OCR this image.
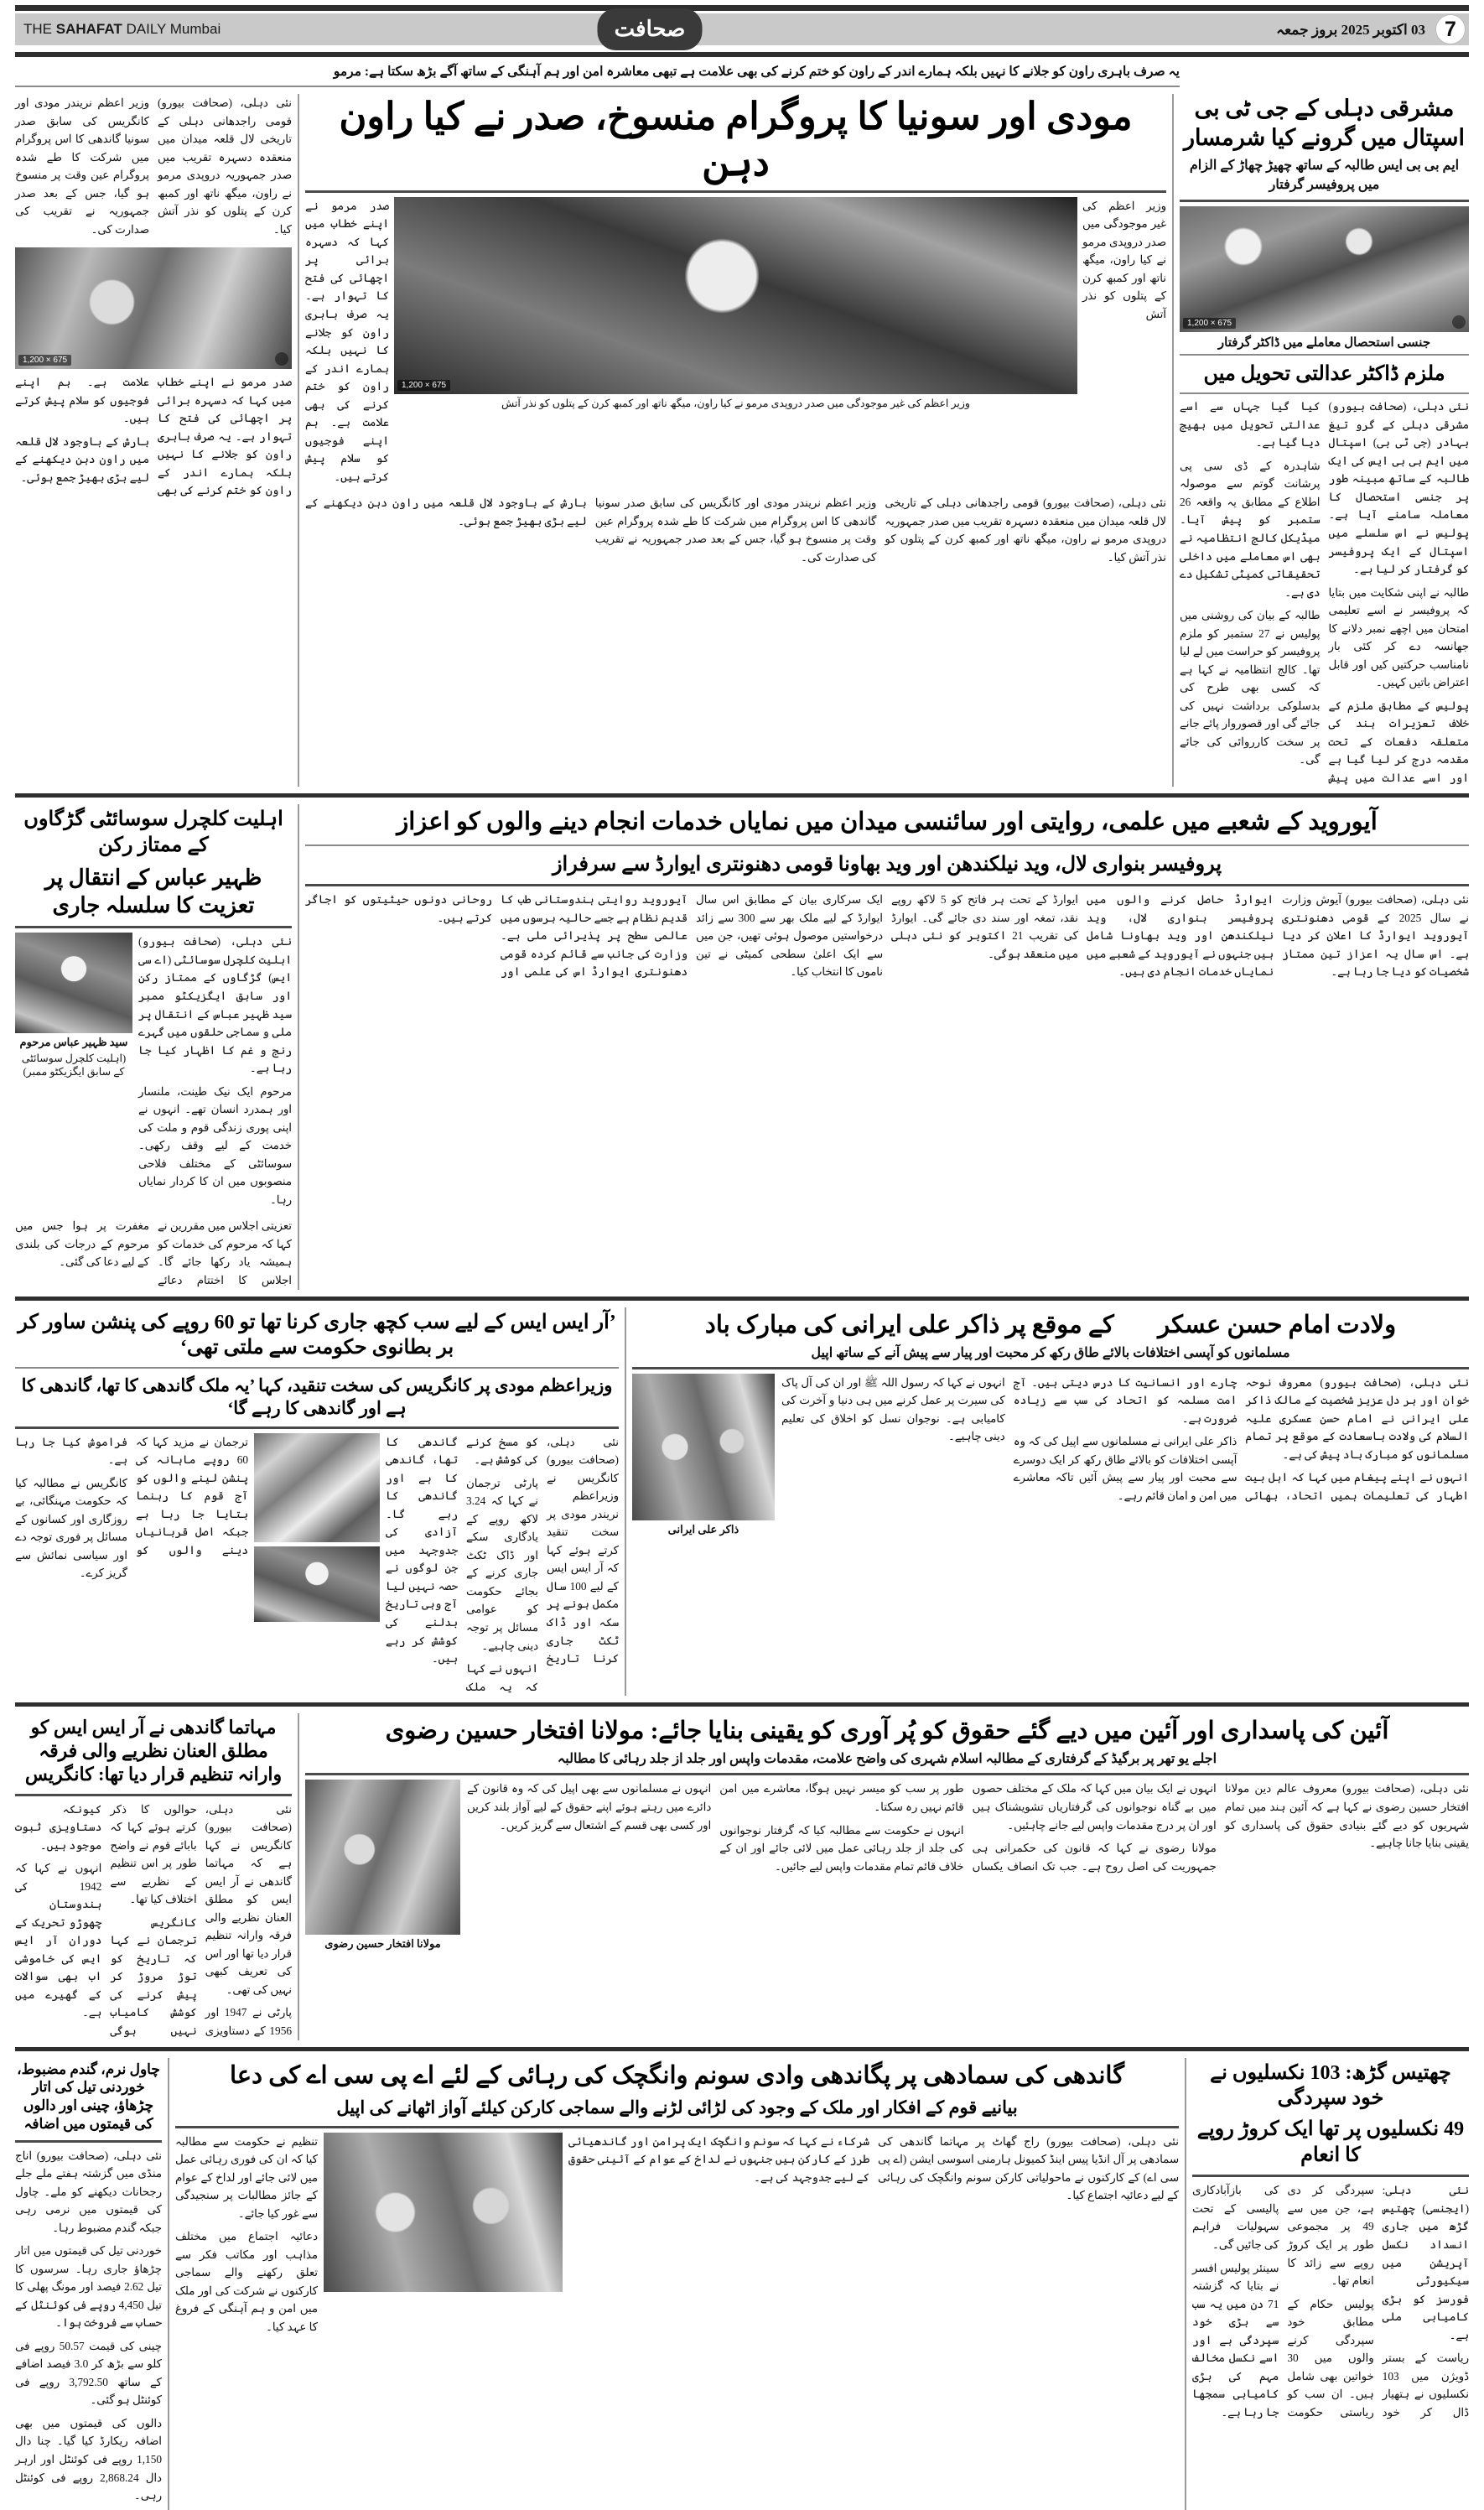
7
03 اکتوبر 2025 بروز جمعہ
صحافت
THE SAHAFAT DAILY Mumbai
یہ صرف باہری راون کو جلانے کا نہیں بلکہ ہمارے اندر کے راون کو ختم کرنے کی بھی علامت ہے تبھی معاشرہ امن اور ہم آہنگی کے ساتھ آگے بڑھ سکتا ہے: مرمو
مشرقی دہلی کے جی ٹی بی اسپتال میں گرونے کیا شرمسار
ایم بی بی ایس طالبہ کے ساتھ چھیڑ چھاڑ کے الزام میں پروفیسر گرفتار
1,200 × 675
جنسی استحصال معاملے میں ڈاکٹر گرفتار
ملزم ڈاکٹر عدالتی تحویل میں

نئی دہلی، (صحافت بیورو) مشرقی دہلی کے گرو تیغ بہادر (جی ٹی بی) اسپتال میں ایم بی بی ایس کی ایک طالبہ کے ساتھ مبینہ طور پر جنسی استحصال کا معاملہ سامنے آیا ہے۔ پولیس نے اس سلسلے میں اسپتال کے ایک پروفیسر کو گرفتار کر لیا ہے۔

طالبہ نے اپنی شکایت میں بتایا کہ پروفیسر نے اسے تعلیمی امتحان میں اچھے نمبر دلانے کا جھانسہ دے کر کئی بار نامناسب حرکتیں کیں اور قابل اعتراض باتیں کہیں۔

پولیس کے مطابق ملزم کے خلاف تعزیرات ہند کی متعلقہ دفعات کے تحت مقدمہ درج کر لیا گیا ہے اور اسے عدالت میں پیش کیا گیا جہاں سے اسے عدالتی تحویل میں بھیج دیا گیا ہے۔

شاہدرہ کے ڈی سی پی پرشانت گوتم سے موصولہ اطلاع کے مطابق یہ واقعہ 26 ستمبر کو پیش آیا۔ میڈیکل کالج انتظامیہ نے بھی اس معاملے میں داخلی تحقیقاتی کمیٹی تشکیل دے دی ہے۔

طالبہ کے بیان کی روشنی میں پولیس نے 27 ستمبر کو ملزم پروفیسر کو حراست میں لے لیا تھا۔ کالج انتظامیہ نے کہا ہے کہ کسی بھی طرح کی بدسلوکی برداشت نہیں کی جائے گی اور قصوروار پائے جانے پر سخت کارروائی کی جائے گی۔

مودی اور سونیا کا پروگرام منسوخ، صدر نے کیا راون دہن

وزیر اعظم کی غیر موجودگی میں صدر دروپدی مرمو نے کیا راون، میگھ ناتھ اور کمبھ کرن کے پتلوں کو نذر آتش

1,200 × 675
وزیر اعظم کی غیر موجودگی میں صدر دروپدی مرمو نے کیا راون، میگھ ناتھ اور کمبھ کرن کے پتلوں کو نذر آتش

صدر مرمو نے اپنے خطاب میں کہا کہ دسہرہ برائی پر اچھائی کی فتح کا تہوار ہے۔ یہ صرف باہری راون کو جلانے کا نہیں بلکہ ہمارے اندر کے راون کو ختم کرنے کی بھی علامت ہے۔ ہم اپنے فوجیوں کو سلام پیش کرتے ہیں۔

نئی دہلی، (صحافت بیورو) قومی راجدھانی دہلی کے تاریخی لال قلعہ میدان میں منعقدہ دسہرہ تقریب میں صدر جمہوریہ دروپدی مرمو نے راون، میگھ ناتھ اور کمبھ کرن کے پتلوں کو نذر آتش کیا۔

وزیر اعظم نریندر مودی اور کانگریس کی سابق صدر سونیا گاندھی کا اس پروگرام میں شرکت کا طے شدہ پروگرام عین وقت پر منسوخ ہو گیا، جس کے بعد صدر جمہوریہ نے تقریب کی صدارت کی۔

بارش کے باوجود لال قلعہ میں راون دہن دیکھنے کے لیے بڑی بھیڑ جمع ہوئی۔

نئی دہلی، (صحافت بیورو) قومی راجدھانی دہلی کے تاریخی لال قلعہ میدان میں منعقدہ دسہرہ تقریب میں صدر جمہوریہ دروپدی مرمو نے راون، میگھ ناتھ اور کمبھ کرن کے پتلوں کو نذر آتش کیا۔

وزیر اعظم نریندر مودی اور کانگریس کی سابق صدر سونیا گاندھی کا اس پروگرام میں شرکت کا طے شدہ پروگرام عین وقت پر منسوخ ہو گیا، جس کے بعد صدر جمہوریہ نے تقریب کی صدارت کی۔

1,200 × 675

صدر مرمو نے اپنے خطاب میں کہا کہ دسہرہ برائی پر اچھائی کی فتح کا تہوار ہے۔ یہ صرف باہری راون کو جلانے کا نہیں بلکہ ہمارے اندر کے راون کو ختم کرنے کی بھی علامت ہے۔ ہم اپنے فوجیوں کو سلام پیش کرتے ہیں۔

بارش کے باوجود لال قلعہ میں راون دہن دیکھنے کے لیے بڑی بھیڑ جمع ہوئی۔

آیوروید کے شعبے میں علمی، روایتی اور سائنسی میدان میں نمایاں خدمات انجام دینے والوں کو اعزاز
پروفیسر بنواری لال، وید نیلکندھن اور وید بھاونا قومی دھنونتری ایوارڈ سے سرفراز

نئی دہلی، (صحافت بیورو) آیوش وزارت نے سال 2025 کے قومی دھنونتری آیوروید ایوارڈ کا اعلان کر دیا ہے۔ اس سال یہ اعزاز تین ممتاز شخصیات کو دیا جا رہا ہے۔

ایوارڈ حاصل کرنے والوں میں پروفیسر بنواری لال، وید نیلکندھن اور وید بھاونا شامل ہیں جنہوں نے آیوروید کے شعبے میں نمایاں خدمات انجام دی ہیں۔

ایوارڈ کے تحت ہر فاتح کو 5 لاکھ روپے نقد، تمغہ اور سند دی جائے گی۔ ایوارڈ کی تقریب 21 اکتوبر کو نئی دہلی میں منعقد ہوگی۔

ایک سرکاری بیان کے مطابق اس سال ایوارڈ کے لیے ملک بھر سے 300 سے زائد درخواستیں موصول ہوئی تھیں، جن میں سے ایک اعلیٰ سطحی کمیٹی نے تین ناموں کا انتخاب کیا۔

آیوروید روایتی ہندوستانی طب کا قدیم نظام ہے جسے حالیہ برسوں میں عالمی سطح پر پذیرائی ملی ہے۔ وزارت کی جانب سے قائم کردہ قومی دھنونتری ایوارڈ اس کی علمی اور روحانی دونوں حیثیتوں کو اجاگر کرتے ہیں۔

اہلیت کلچرل سوسائٹی گڑگاوں کے ممتاز رکن
ظہیر عباس کے انتقال پر تعزیت کا سلسلہ جاری

نئی دہلی، (صحافت بیورو) اہلیت کلچرل سوسائٹی (اے سی ایس) گڑگاوں کے ممتاز رکن اور سابق ایگزیکٹو ممبر سید ظہیر عباس کے انتقال پر ملی و سماجی حلقوں میں گہرے رنج و غم کا اظہار کیا جا رہا ہے۔

مرحوم ایک نیک طینت، ملنسار اور ہمدرد انسان تھے۔ انہوں نے اپنی پوری زندگی قوم و ملت کی خدمت کے لیے وقف رکھی۔ سوسائٹی کے مختلف فلاحی منصوبوں میں ان کا کردار نمایاں رہا۔

سید ظہیر عباس مرحوم
(اہلیت کلچرل سوسائٹی کے سابق ایگزیکٹو ممبر)

تعزیتی اجلاس میں مقررین نے کہا کہ مرحوم کی خدمات کو ہمیشہ یاد رکھا جائے گا۔ اجلاس کا اختتام دعائے مغفرت پر ہوا جس میں مرحوم کے درجات کی بلندی کے لیے دعا کی گئی۔

ولادت امام حسن عسکریؑ کے موقع پر ذاکر علی ایرانی کی مبارک باد
مسلمانوں کو آپسی اختلافات بالائے طاق رکھ کر محبت اور پیار سے پیش آنے کے ساتھ اپیل

نئی دہلی، (صحافت بیورو) معروف نوحہ خوان اور ہر دل عزیز شخصیت کے مالک ذاکر علی ایرانی نے امام حسن عسکری علیہ السلام کی ولادت باسعادت کے موقع پر تمام مسلمانوں کو مبارک باد پیش کی ہے۔

انہوں نے اپنے پیغام میں کہا کہ اہل بیت اطہار کی تعلیمات ہمیں اتحاد، بھائی چارے اور انسانیت کا درس دیتی ہیں۔ آج امت مسلمہ کو اتحاد کی سب سے زیادہ ضرورت ہے۔

ذاکر علی ایرانی نے مسلمانوں سے اپیل کی کہ وہ آپسی اختلافات کو بالائے طاق رکھ کر ایک دوسرے سے محبت اور پیار سے پیش آئیں تاکہ معاشرے میں امن و امان قائم رہے۔

انہوں نے کہا کہ رسول اللہ ﷺ اور ان کی آل پاک کی سیرت پر عمل کرنے میں ہی دنیا و آخرت کی کامیابی ہے۔ نوجوان نسل کو اخلاق کی تعلیم دینی چاہیے۔

ذاکر علی ایرانی
’آر ایس ایس کے لیے سب کچھ جاری کرنا تھا تو 60 روپے کی پنشن ساور کر بر بطانوی حکومت سے ملتی تھی‘
وزیراعظم مودی پر کانگریس کی سخت تنقید، کہا ’یہ ملک گاندھی کا تھا، گاندھی کا ہے اور گاندھی کا رہے گا‘

نئی دہلی، (صحافت بیورو) کانگریس نے وزیراعظم نریندر مودی پر سخت تنقید کرتے ہوئے کہا کہ آر ایس ایس کے لیے 100 سال مکمل ہونے پر سکہ اور ڈاک ٹکٹ جاری کرنا تاریخ کو مسخ کرنے کی کوشش ہے۔

پارٹی ترجمان نے کہا کہ 3.24 لاکھ روپے کے یادگاری سکے اور ڈاک ٹکٹ جاری کرنے کے بجائے حکومت کو عوامی مسائل پر توجہ دینی چاہیے۔

انہوں نے کہا کہ یہ ملک گاندھی کا تھا، گاندھی کا ہے اور گاندھی کا رہے گا۔ آزادی کی جدوجہد میں جن لوگوں نے حصہ نہیں لیا آج وہی تاریخ بدلنے کی کوشش کر رہے ہیں۔

ترجمان نے مزید کہا کہ 60 روپے ماہانہ کی پنشن لینے والوں کو آج قوم کا رہنما بتایا جا رہا ہے جبکہ اصل قربانیاں دینے والوں کو فراموش کیا جا رہا ہے۔

کانگریس نے مطالبہ کیا کہ حکومت مہنگائی، بے روزگاری اور کسانوں کے مسائل پر فوری توجہ دے اور سیاسی نمائش سے گریز کرے۔

آئین کی پاسداری اور آئین میں دیے گئے حقوق کو پُر آوری کو یقینی بنایا جائے: مولانا افتخار حسین رضوی
اجلے یو تھر پر برگیڈ کے گرفتاری کے مطالبہ اسلام شہری کی واضح علامت، مقدمات واپس اور جلد از جلد رہائی کا مطالبہ

نئی دہلی، (صحافت بیورو) معروف عالم دین مولانا افتخار حسین رضوی نے کہا ہے کہ آئین ہند میں تمام شہریوں کو دیے گئے بنیادی حقوق کی پاسداری کو یقینی بنایا جانا چاہیے۔

انہوں نے ایک بیان میں کہا کہ ملک کے مختلف حصوں میں بے گناہ نوجوانوں کی گرفتاریاں تشویشناک ہیں اور ان پر درج مقدمات واپس لیے جانے چاہئیں۔

مولانا رضوی نے کہا کہ قانون کی حکمرانی ہی جمہوریت کی اصل روح ہے۔ جب تک انصاف یکساں طور پر سب کو میسر نہیں ہوگا، معاشرے میں امن قائم نہیں رہ سکتا۔

انہوں نے حکومت سے مطالبہ کیا کہ گرفتار نوجوانوں کی جلد از جلد رہائی عمل میں لائی جائے اور ان کے خلاف قائم تمام مقدمات واپس لیے جائیں۔

انہوں نے مسلمانوں سے بھی اپیل کی کہ وہ قانون کے دائرے میں رہتے ہوئے اپنے حقوق کے لیے آواز بلند کریں اور کسی بھی قسم کے اشتعال سے گریز کریں۔

مولانا افتخار حسین رضوی
مہاتما گاندھی نے آر ایس ایس کو مطلق العنان نظریے والی فرقہ وارانہ تنظیم قرار دیا تھا: کانگریس

نئی دہلی، (صحافت بیورو) کانگریس نے کہا ہے کہ مہاتما گاندھی نے آر ایس ایس کو مطلق العنان نظریے والی فرقہ وارانہ تنظیم قرار دیا تھا اور اس کی تعریف کبھی نہیں کی تھی۔

پارٹی نے 1947 اور 1956 کے دستاویزی حوالوں کا ذکر کرتے ہوئے کہا کہ بابائے قوم نے واضح طور پر اس تنظیم کے نظریے سے اختلاف کیا تھا۔

کانگریس ترجمان نے کہا کہ تاریخ کو توڑ مروڑ کر پیش کرنے کی کوشش کامیاب نہیں ہوگی کیونکہ دستاویزی ثبوت موجود ہیں۔

انہوں نے کہا کہ 1942 کی ہندوستان چھوڑو تحریک کے دوران آر ایس ایس کی خاموشی اب بھی سوالات کے گھیرے میں ہے۔

چھتیس گڑھ: 103 نکسلیوں نے خود سپردگی
49 نکسلیوں پر تھا ایک کروڑ روپے کا انعام

نئی دہلی: (ایجنسی) چھتیس گڑھ میں جاری انسداد نکسل آپریشن میں سیکیورٹی فورسز کو بڑی کامیابی ملی ہے۔

ریاست کے بستر ڈویژن میں 103 نکسلیوں نے ہتھیار ڈال کر خود سپردگی کر دی ہے، جن میں سے 49 پر مجموعی طور پر ایک کروڑ روپے سے زائد کا انعام تھا۔

پولیس حکام کے مطابق خود سپردگی کرنے والوں میں 30 خواتین بھی شامل ہیں۔ ان سب کو ریاستی حکومت کی بازآبادکاری پالیسی کے تحت سہولیات فراہم کی جائیں گی۔

سینئر پولیس افسر نے بتایا کہ گزشتہ 71 دن میں یہ سب سے بڑی خود سپردگی ہے اور اسے نکسل مخالف مہم کی بڑی کامیابی سمجھا جا رہا ہے۔

گاندھی کی سمادھی پر پگاندھی وادی سونم وانگچک کی رہائی کے لئے اے پی سی اے کی دعا
بیانیے قوم کے افکار اور ملک کے وجود کی لڑائی لڑنے والے سماجی کارکن کیلئے آواز اٹھانے کی اپیل

نئی دہلی، (صحافت بیورو) راج گھاٹ پر مہاتما گاندھی کی سمادھی پر آل انڈیا پیس اینڈ کمیونل ہارمنی اسوسی ایشن (اے پی سی اے) کے کارکنوں نے ماحولیاتی کارکن سونم وانگچک کی رہائی کے لیے دعائیہ اجتماع کیا۔

شرکاء نے کہا کہ سونم وانگچک ایک پرامن اور گاندھیائی طرز کے کارکن ہیں جنہوں نے لداخ کے عوام کے آئینی حقوق کے لیے جدوجہد کی ہے۔

تنظیم نے حکومت سے مطالبہ کیا کہ ان کی فوری رہائی عمل میں لائی جائے اور لداخ کے عوام کے جائز مطالبات پر سنجیدگی سے غور کیا جائے۔

دعائیہ اجتماع میں مختلف مذاہب اور مکاتب فکر سے تعلق رکھنے والے سماجی کارکنوں نے شرکت کی اور ملک میں امن و ہم آہنگی کے فروغ کا عہد کیا۔

چاول نرم، گندم مضبوط، خوردنی تیل کی اتار چڑھاؤ، چینی اور دالوں کی قیمتوں میں اضافہ

نئی دہلی، (صحافت بیورو) اناج منڈی میں گزشتہ ہفتے ملے جلے رجحانات دیکھنے کو ملے۔ چاول کی قیمتوں میں نرمی رہی جبکہ گندم مضبوط رہا۔

خوردنی تیل کی قیمتوں میں اتار چڑھاؤ جاری رہا۔ سرسوں کا تیل 2.62 فیصد اور مونگ پھلی کا تیل 4,450 روپے فی کوئنٹل کے حساب سے فروخت ہوا۔

چینی کی قیمت 50.57 روپے فی کلو سے بڑھ کر 3.0 فیصد اضافے کے ساتھ 3,792.50 روپے فی کوئنٹل ہو گئی۔

دالوں کی قیمتوں میں بھی اضافہ ریکارڈ کیا گیا۔ چنا دال 1,150 روپے فی کوئنٹل اور ارہر دال 2,868.24 روپے فی کوئنٹل رہی۔
